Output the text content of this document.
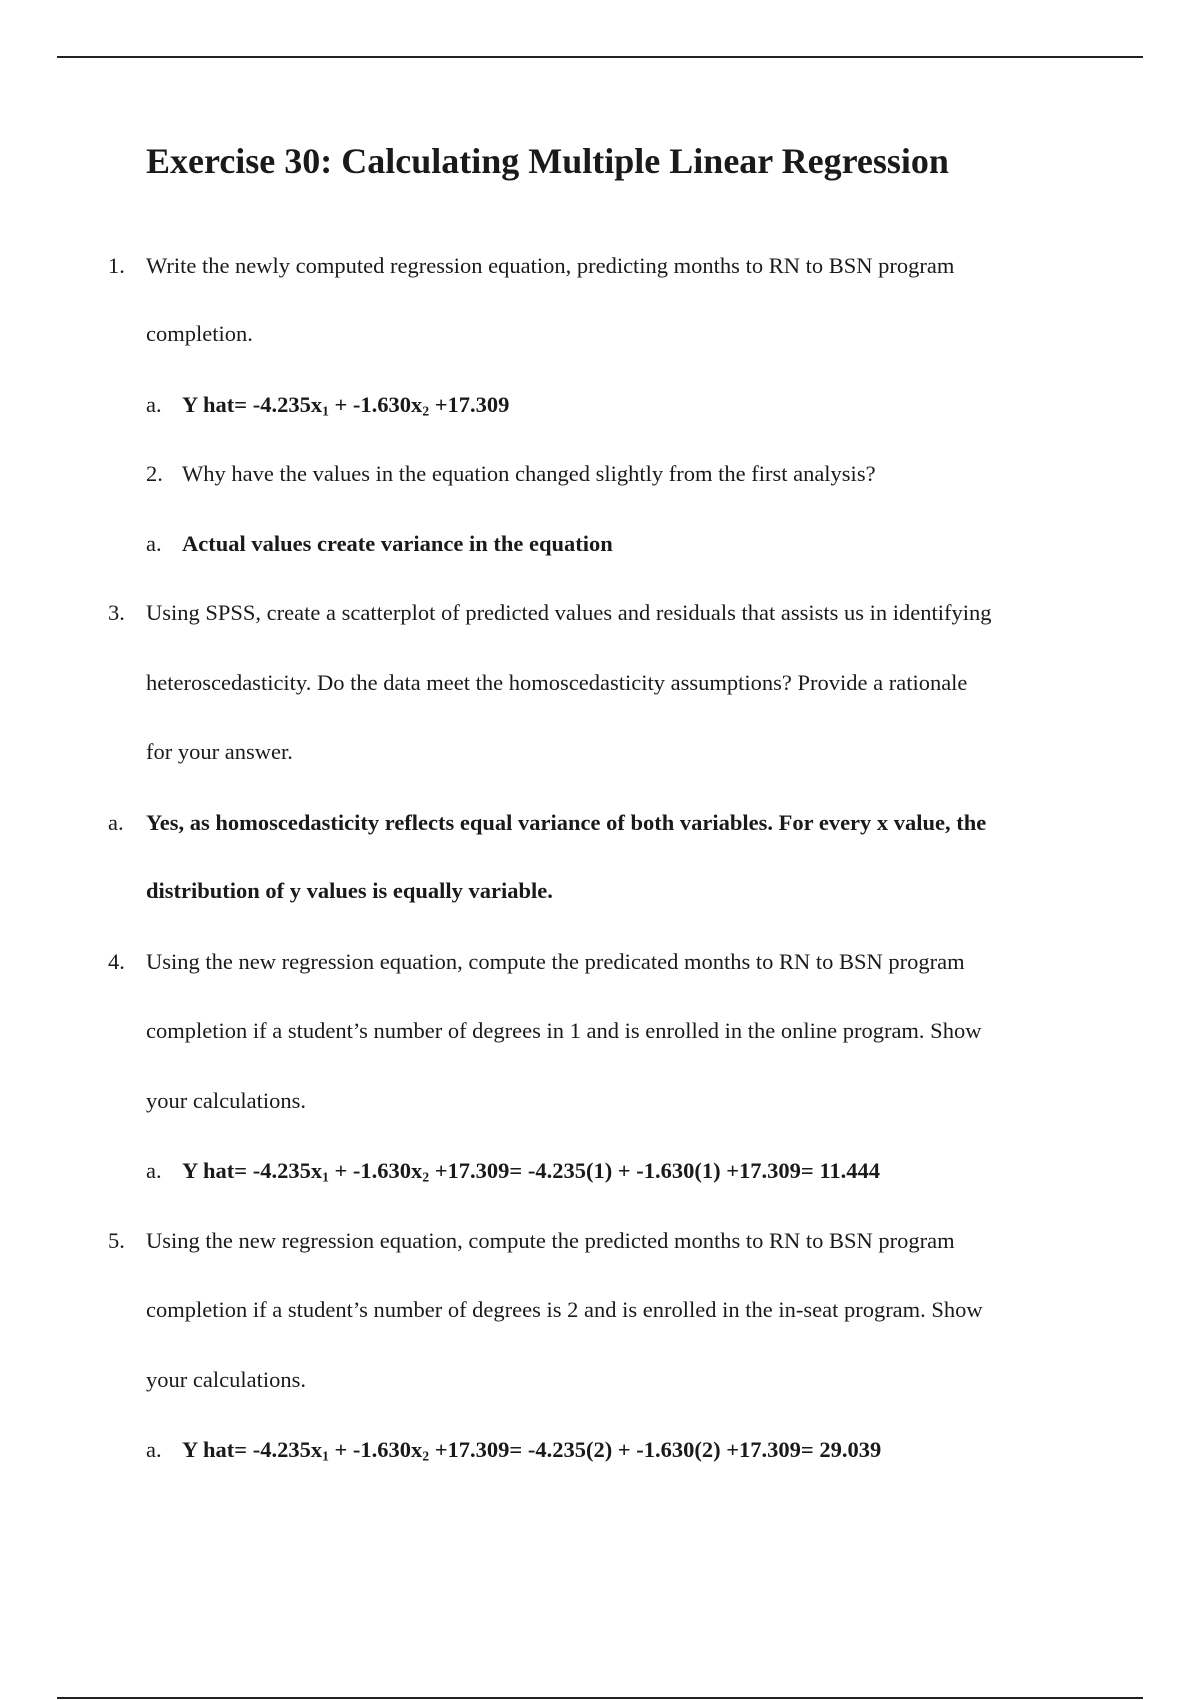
Exercise 30: Calculating Multiple Linear Regression
1. Write the newly computed regression equation, predicting months to RN to BSN program
completion.
a. Y $hat= -4.235x_1 + -1.630x_2 +17.309$
2. Why have the values in the equation changed slightly from the first analysis?
a. Actual values create variance in the equation
3. Using SPSS, create a scatterplot of predicted values and residuals that assists us in identifying
heteroscedasticity. Do the data meet the homoscedasticity assumptions? Provide a rationale
for your answer.
a. Yes, as homoscedasticity reflects equal variance of both variables. For every x value, the
distribution of y values is equally variable.
4. Using the new regression equation, compute the predicated months to RN to BSN program
completion if a student’s number of degrees in 1 and is enrolled in the online program. Show
your calculations.
a. Y $hat= -4.235x_1 + -1.630x_2 +17.309= -4.235(1) + -1.630(1) +17.309= 11.444$
5. Using the new regression equation, compute the predicted months to RN to BSN program
completion if a student’s number of degrees is 2 and is enrolled in the in-seat program. Show
your calculations.
a. Y $hat= -4.235x_1 + -1.630x_2 +17.309= -4.235(2) + -1.630(2) +17.309= 29.039$
